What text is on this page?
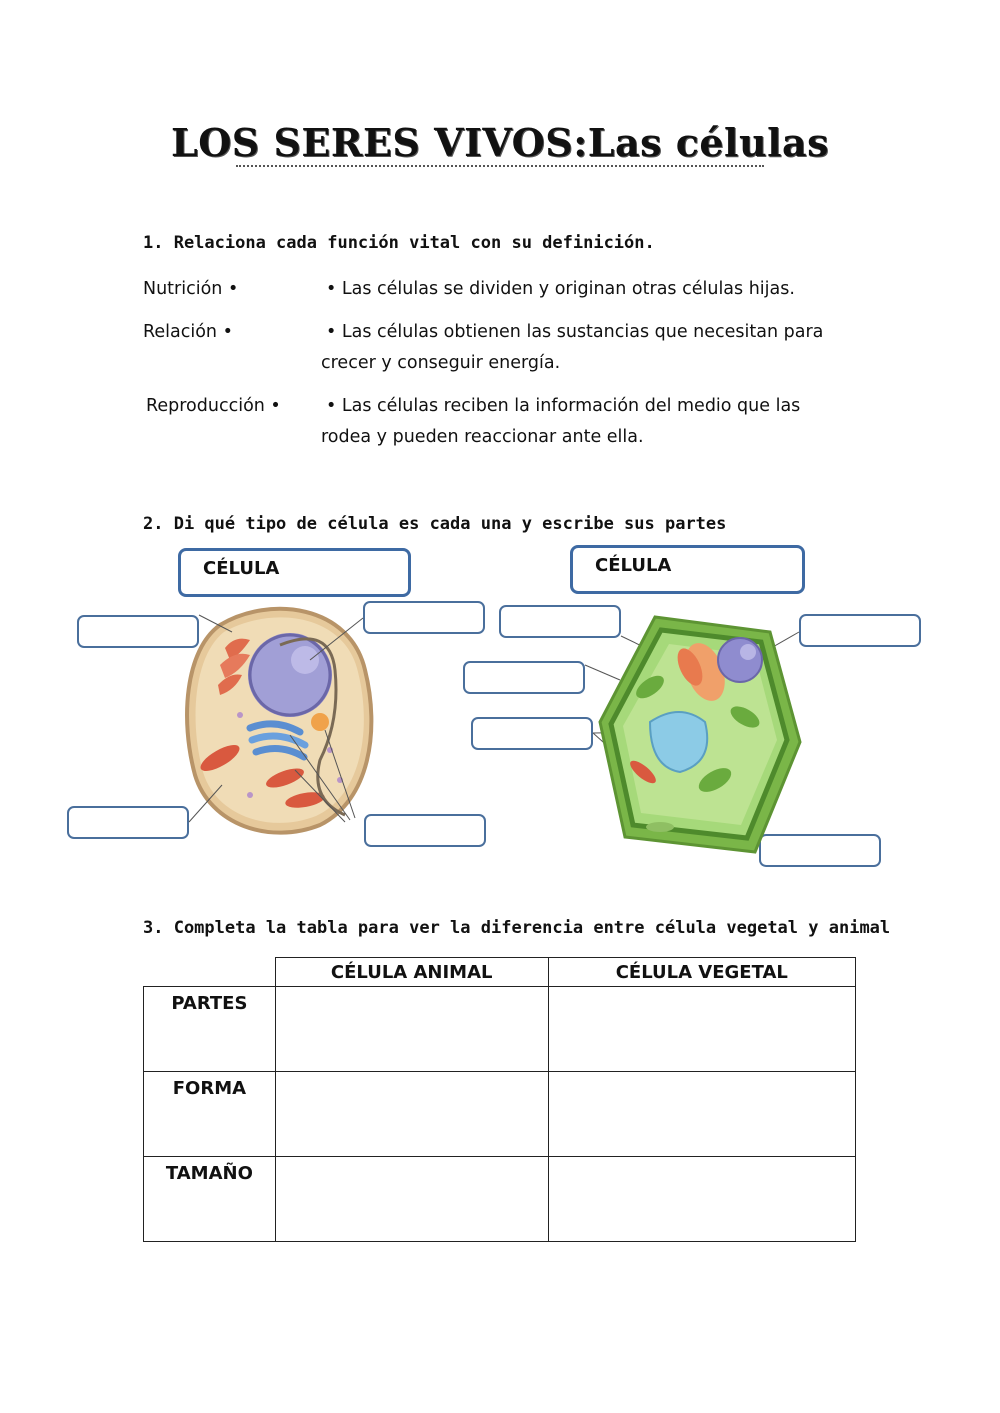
LOS SERES VIVOS:Las células
1. Relaciona cada función vital con su definición.
Nutrición •	• Las células se dividen y originan otras células hijas.
Relación •	• Las células obtienen las sustancias que necesitan para
crecer y conseguir energía.
Reproducción •	• Las células reciben la información del medio que las
rodea y pueden reaccionar ante ella.
2. Di qué tipo de célula es cada una y escribe sus partes
CÉLULA	CÉLULA
3. Completa la tabla para ver la diferencia entre célula vegetal y animal
	CÉLULA ANIMAL	CÉLULA VEGETAL
PARTES		
FORMA		
TAMAÑO		
